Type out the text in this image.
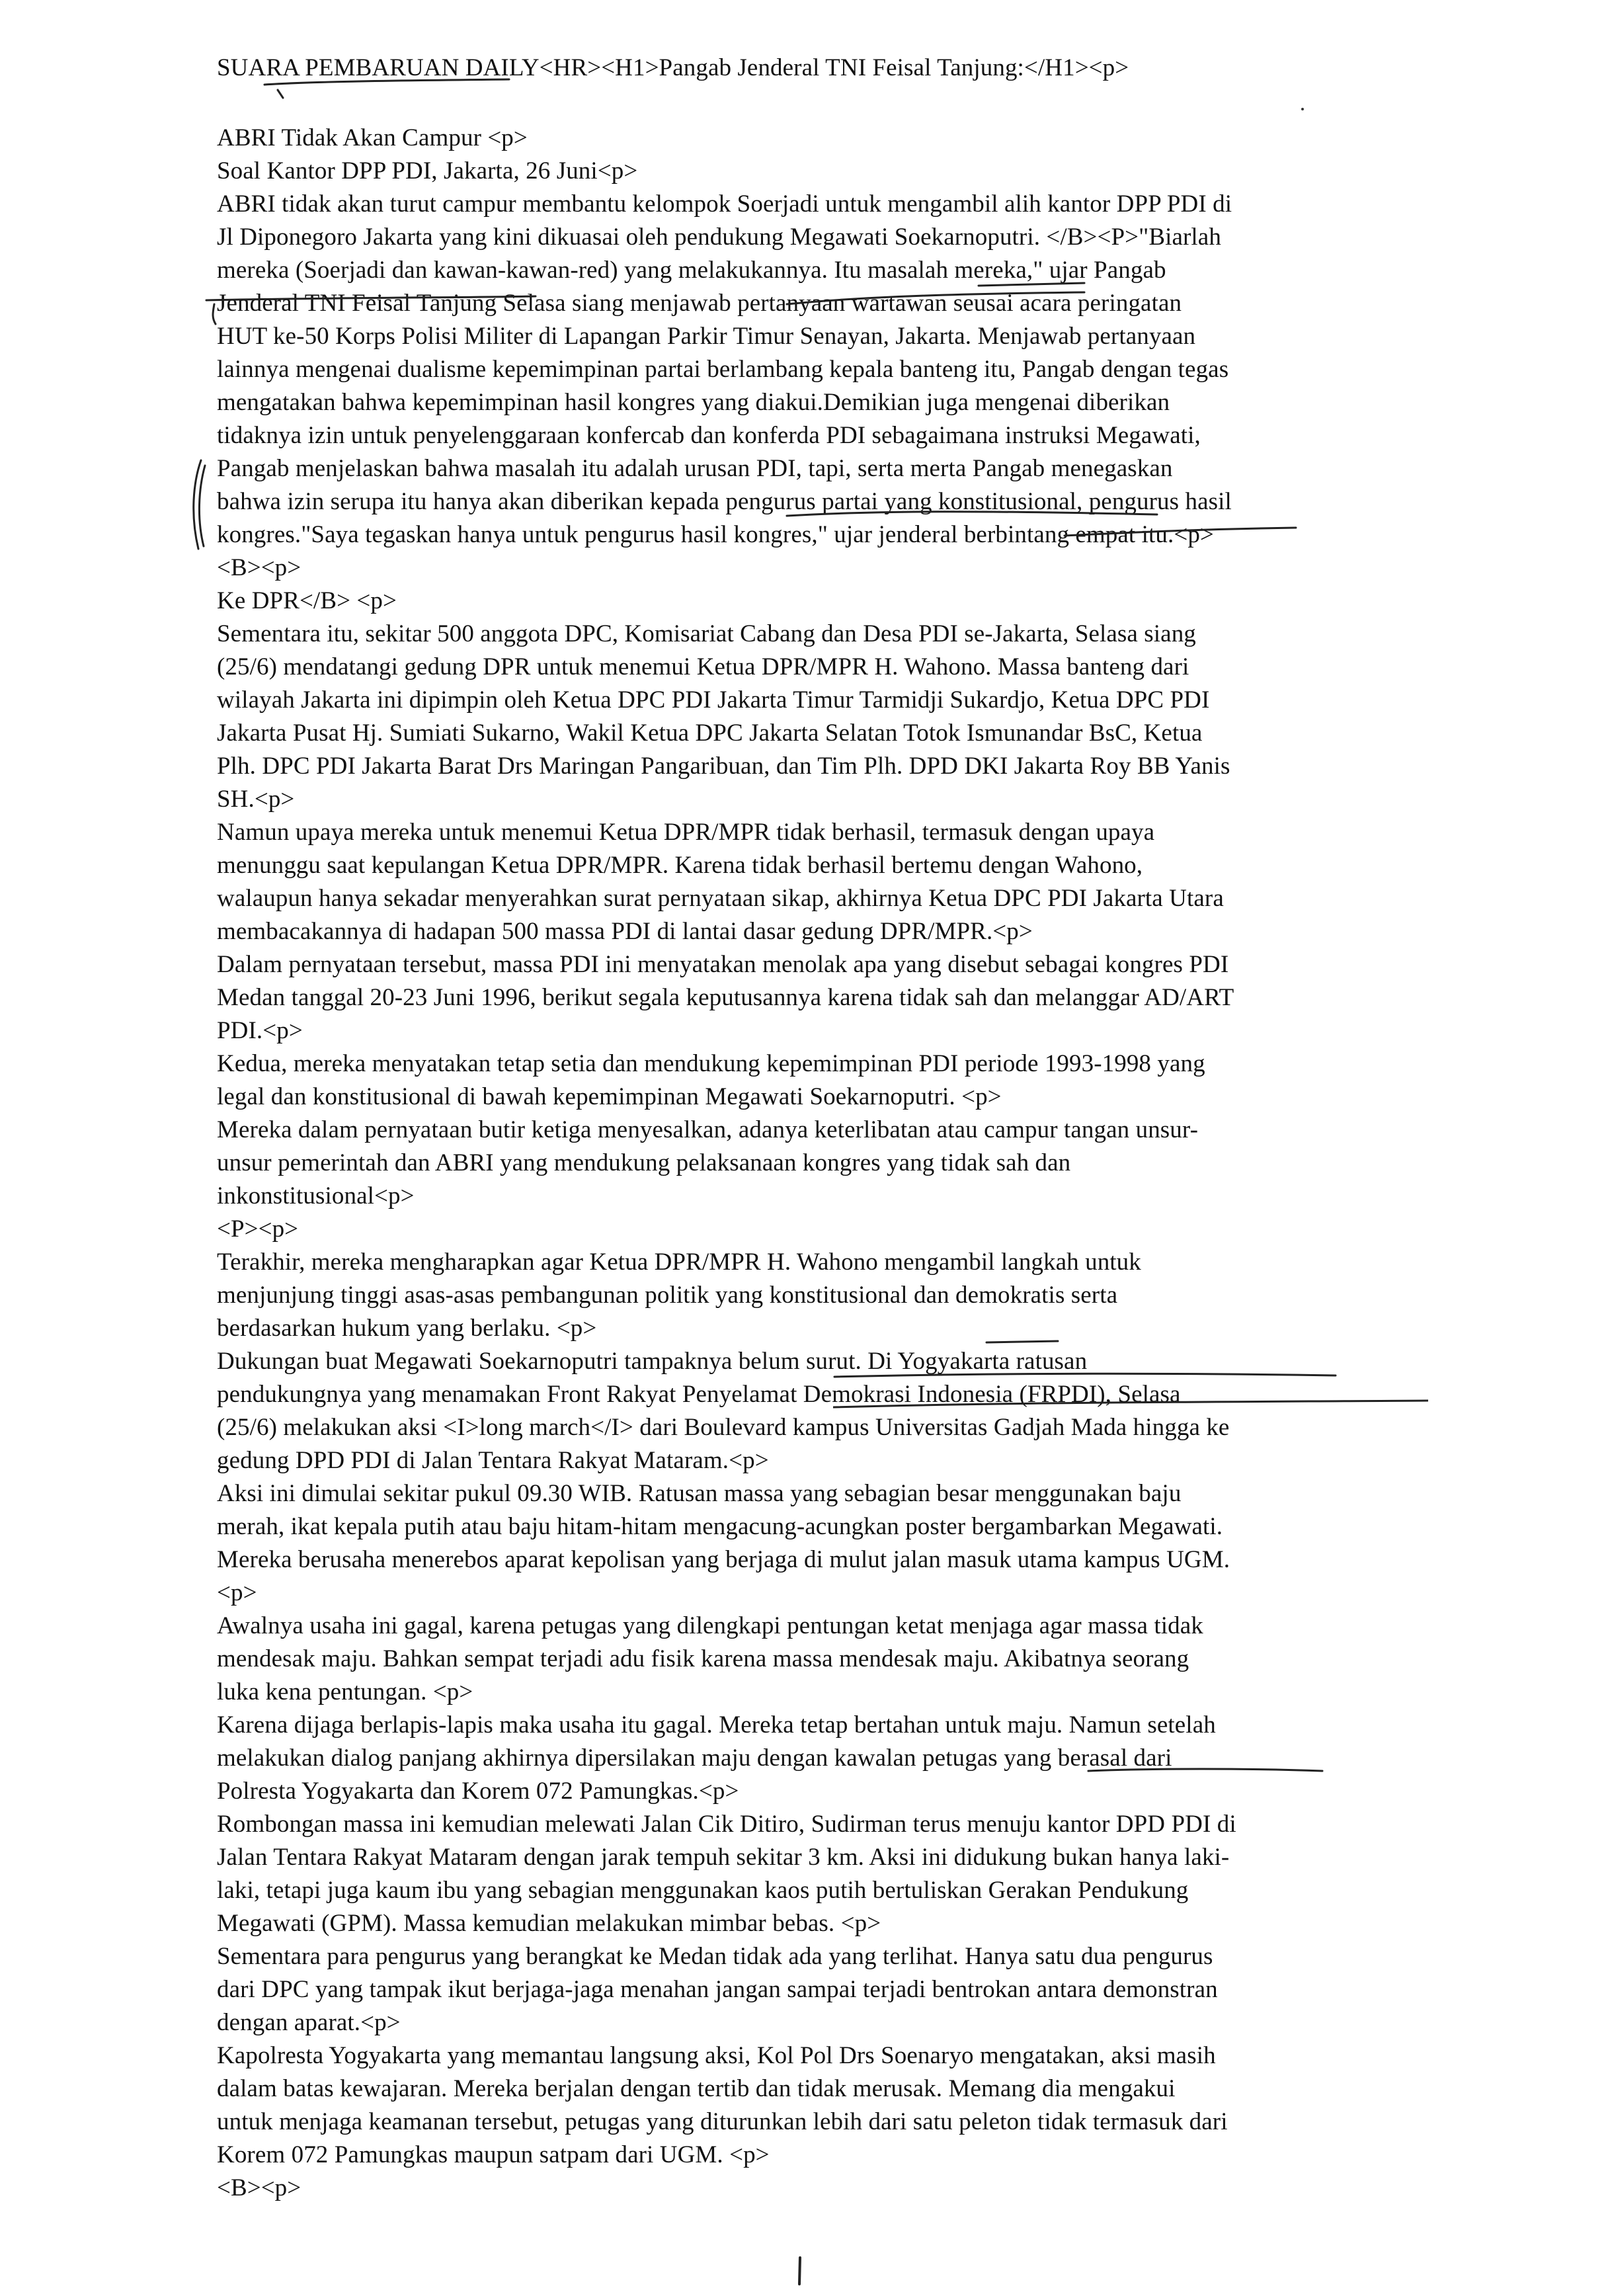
SUARA PEMBARUAN DAILY<HR><H1>Pangab Jenderal TNI Feisal Tanjung:</H1><p>
ABRI Tidak Akan Campur <p>
Soal Kantor DPP PDI, Jakarta, 26 Juni<p>
ABRI tidak akan turut campur membantu kelompok Soerjadi untuk mengambil alih kantor DPP PDI di
Jl Diponegoro Jakarta yang kini dikuasai oleh pendukung Megawati Soekarnoputri. </B><P>"Biarlah
mereka (Soerjadi dan kawan-kawan-red) yang melakukannya. Itu masalah mereka," ujar Pangab
Jenderal TNI Feisal Tanjung Selasa siang menjawab pertanyaan wartawan seusai acara peringatan
HUT ke-50 Korps Polisi Militer di Lapangan Parkir Timur Senayan, Jakarta. Menjawab pertanyaan
lainnya mengenai dualisme kepemimpinan partai berlambang kepala banteng itu, Pangab dengan tegas
mengatakan bahwa kepemimpinan hasil kongres yang diakui.Demikian juga mengenai diberikan
tidaknya izin untuk penyelenggaraan konfercab dan konferda PDI sebagaimana instruksi Megawati,
Pangab menjelaskan bahwa masalah itu adalah urusan PDI, tapi, serta merta Pangab menegaskan
bahwa izin serupa itu hanya akan diberikan kepada pengurus partai yang konstitusional, pengurus hasil
kongres."Saya tegaskan hanya untuk pengurus hasil kongres," ujar jenderal berbintang empat itu.<p>
<B><p>
Ke DPR</B> <p>
Sementara itu, sekitar 500 anggota DPC, Komisariat Cabang dan Desa PDI se-Jakarta, Selasa siang
(25/6) mendatangi gedung DPR untuk menemui Ketua DPR/MPR H. Wahono. Massa banteng dari
wilayah Jakarta ini dipimpin oleh Ketua DPC PDI Jakarta Timur Tarmidji Sukardjo, Ketua DPC PDI
Jakarta Pusat Hj. Sumiati Sukarno, Wakil Ketua DPC Jakarta Selatan Totok Ismunandar BsC, Ketua
Plh. DPC PDI Jakarta Barat Drs Maringan Pangaribuan, dan Tim Plh. DPD DKI Jakarta Roy BB Yanis
SH.<p>
Namun upaya mereka untuk menemui Ketua DPR/MPR tidak berhasil, termasuk dengan upaya
menunggu saat kepulangan Ketua DPR/MPR. Karena tidak berhasil bertemu dengan Wahono,
walaupun hanya sekadar menyerahkan surat pernyataan sikap, akhirnya Ketua DPC PDI Jakarta Utara
membacakannya di hadapan 500 massa PDI di lantai dasar gedung DPR/MPR.<p>
Dalam pernyataan tersebut, massa PDI ini menyatakan menolak apa yang disebut sebagai kongres PDI
Medan tanggal 20-23 Juni 1996, berikut segala keputusannya karena tidak sah dan melanggar AD/ART
PDI.<p>
Kedua, mereka menyatakan tetap setia dan mendukung kepemimpinan PDI periode 1993-1998 yang
legal dan konstitusional di bawah kepemimpinan Megawati Soekarnoputri. <p>
Mereka dalam pernyataan butir ketiga menyesalkan, adanya keterlibatan atau campur tangan unsur-
unsur pemerintah dan ABRI yang mendukung pelaksanaan kongres yang tidak sah dan
inkonstitusional<p>
<P><p>
Terakhir, mereka mengharapkan agar Ketua DPR/MPR H. Wahono mengambil langkah untuk
menjunjung tinggi asas-asas pembangunan politik yang konstitusional dan demokratis serta
berdasarkan hukum yang berlaku. <p>
Dukungan buat Megawati Soekarnoputri tampaknya belum surut. Di Yogyakarta ratusan
pendukungnya yang menamakan Front Rakyat Penyelamat Demokrasi Indonesia (FRPDI), Selasa
(25/6) melakukan aksi <I>long march</I> dari Boulevard kampus Universitas Gadjah Mada hingga ke
gedung DPD PDI di Jalan Tentara Rakyat Mataram.<p>
Aksi ini dimulai sekitar pukul 09.30 WIB. Ratusan massa yang sebagian besar menggunakan baju
merah, ikat kepala putih atau baju hitam-hitam mengacung-acungkan poster bergambarkan Megawati.
Mereka berusaha menerebos aparat kepolisan yang berjaga di mulut jalan masuk utama kampus UGM.
<p>
Awalnya usaha ini gagal, karena petugas yang dilengkapi pentungan ketat menjaga agar massa tidak
mendesak maju. Bahkan sempat terjadi adu fisik karena massa mendesak maju. Akibatnya seorang
luka kena pentungan. <p>
Karena dijaga berlapis-lapis maka usaha itu gagal. Mereka tetap bertahan untuk maju. Namun setelah
melakukan dialog panjang akhirnya dipersilakan maju dengan kawalan petugas yang berasal dari
Polresta Yogyakarta dan Korem 072 Pamungkas.<p>
Rombongan massa ini kemudian melewati Jalan Cik Ditiro, Sudirman terus menuju kantor DPD PDI di
Jalan Tentara Rakyat Mataram dengan jarak tempuh sekitar 3 km. Aksi ini didukung bukan hanya laki-
laki, tetapi juga kaum ibu yang sebagian menggunakan kaos putih bertuliskan Gerakan Pendukung
Megawati (GPM). Massa kemudian melakukan mimbar bebas. <p>
Sementara para pengurus yang berangkat ke Medan tidak ada yang terlihat. Hanya satu dua pengurus
dari DPC yang tampak ikut berjaga-jaga menahan jangan sampai terjadi bentrokan antara demonstran
dengan aparat.<p>
Kapolresta Yogyakarta yang memantau langsung aksi, Kol Pol Drs Soenaryo mengatakan, aksi masih
dalam batas kewajaran. Mereka berjalan dengan tertib dan tidak merusak. Memang dia mengakui
untuk menjaga keamanan tersebut, petugas yang diturunkan lebih dari satu peleton tidak termasuk dari
Korem 072 Pamungkas maupun satpam dari UGM. <p>
<B><p>
